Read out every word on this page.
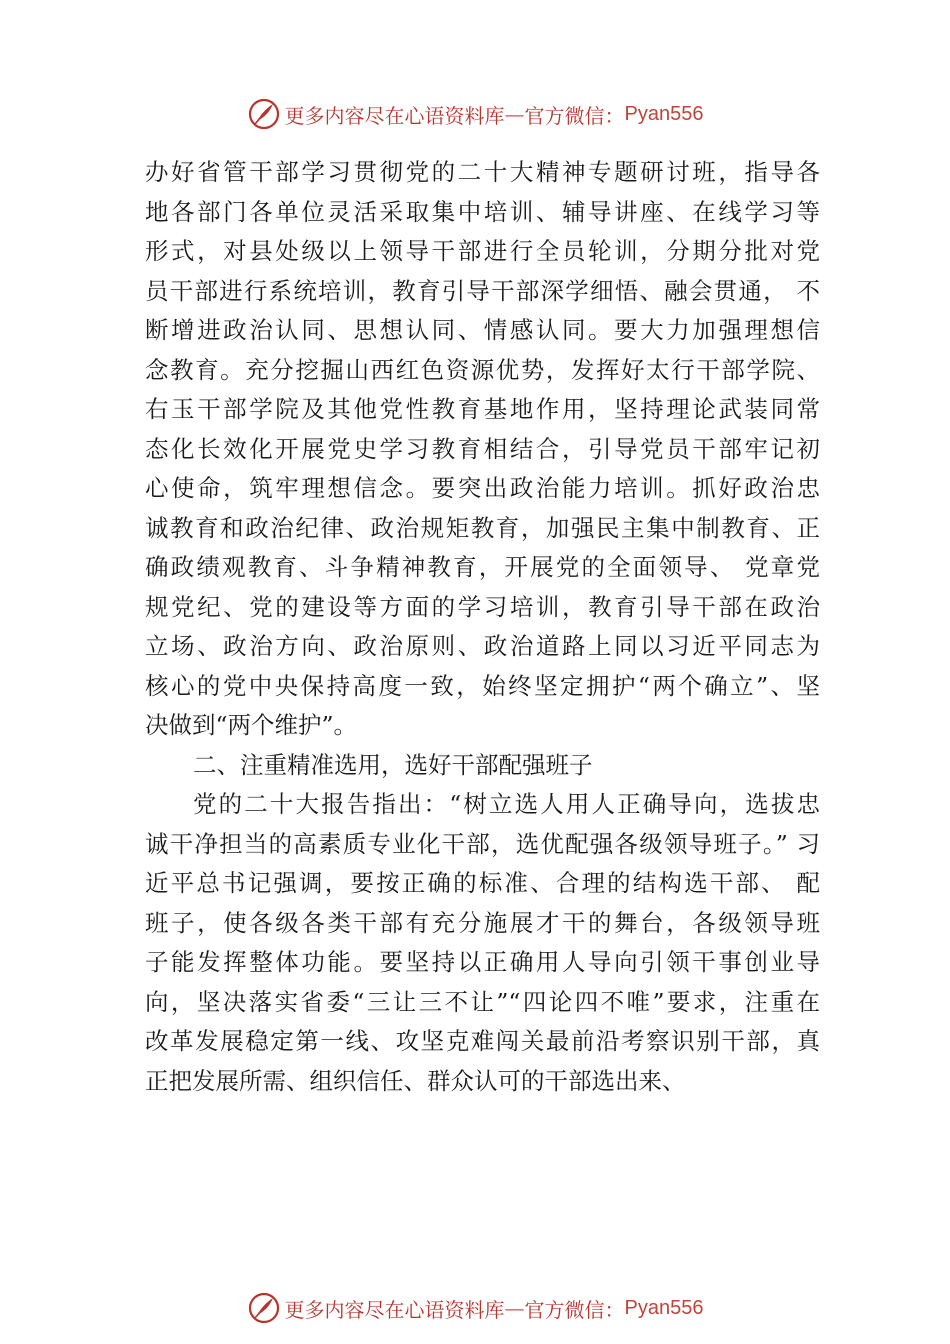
更多内容尽在心语资料库 — 官方微信： Pyan556
办好省管干部学习贯彻党的二十大精神专题研讨班，指导各
地各部门各单位灵活采取集中培训、辅导讲座、在线学习等
形式，对县处级以上领导干部进行全员轮训，分期分批对党
员干部进行系统培训，教育引导干部深学细悟、融会贯通， 不
断增进政治认同、思想认同、情感认同。要大力加强理想信
念教育。充分挖掘山西红色资源优势，发挥好太行干部学院、
右玉干部学院及其他党性教育基地作用，坚持理论武装同常
态化长效化开展党史学习教育相结合，引导党员干部牢记初
心使命，筑牢理想信念。要突出政治能力培训。抓好政治忠
诚教育和政治纪律、政治规矩教育，加强民主集中制教育、正
确政绩观教育、斗争精神教育，开展党的全面领导、 党章党
规党纪、党的建设等方面的学习培训，教育引导干部在政治
立场、政治方向、政治原则、政治道路上同以习近平同志为
核心的党中央保持高度一致，始终坚定拥护“两个确立”、坚
决做到“两个维护”。
二、注重精准选用，选好干部配强班子
党的二十大报告指出：“树立选人用人正确导向，选拔忠
诚干净担当的高素质专业化干部，选优配强各级领导班子。” 习
近平总书记强调，要按正确的标准、合理的结构选干部、 配
班子，使各级各类干部有充分施展才干的舞台，各级领导班
子能发挥整体功能。要坚持以正确用人导向引领干事创业导
向，坚决落实省委“三让三不让”“四论四不唯”要求，注重在
改革发展稳定第一线、攻坚克难闯关最前沿考察识别干部，真
正把发展所需、组织信任、群众认可的干部选出来、
更多内容尽在心语资料库 — 官方微信： Pyan556
